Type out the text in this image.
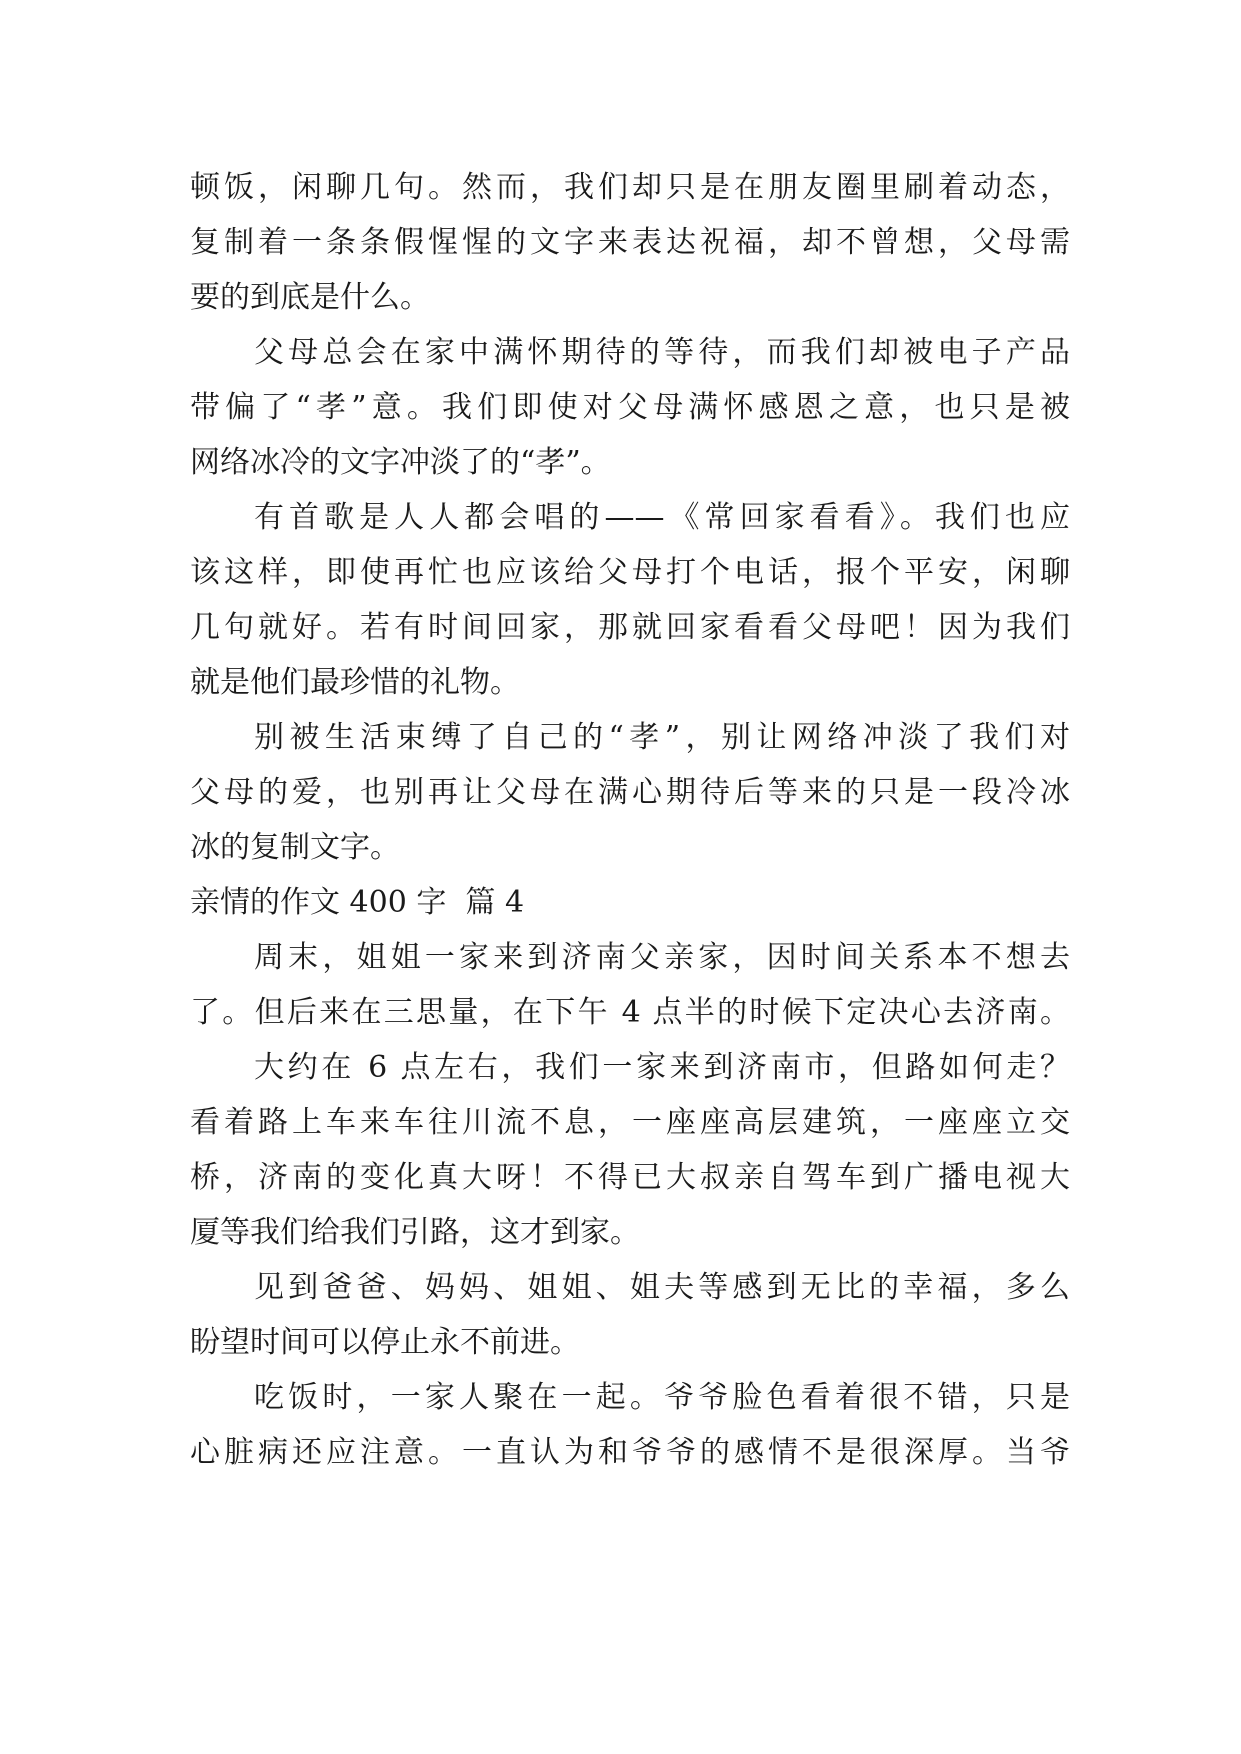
顿饭，闲聊几句。然而，我们却只是在朋友圈里刷着动态，
复制着一条条假惺惺的文字来表达祝福，却不曾想，父母需
要的到底是什么。
父母总会在家中满怀期待的等待，而我们却被电子产品
带偏了“孝”意。我们即使对父母满怀感恩之意，也只是被
网络冰冷的文字冲淡了的“孝”。
有首歌是人人都会唱的——《常回家看看》。我们也应
该这样，即使再忙也应该给父母打个电话，报个平安，闲聊
几句就好。若有时间回家，那就回家看看父母吧！因为我们
就是他们最珍惜的礼物。
别被生活束缚了自己的“孝”，别让网络冲淡了我们对
父母的爱，也别再让父母在满心期待后等来的只是一段冷冰
冰的复制文字。
亲情的作文 400 字  篇 4
周末，姐姐一家来到济南父亲家，因时间关系本不想去
了。但后来在三思量，在下午 4 点半的时候下定决心去济南。
大约在 6 点左右，我们一家来到济南市，但路如何走？
看着路上车来车往川流不息，一座座高层建筑，一座座立交
桥，济南的变化真大呀！不得已大叔亲自驾车到广播电视大
厦等我们给我们引路，这才到家。
见到爸爸、妈妈、姐姐、姐夫等感到无比的幸福，多么
盼望时间可以停止永不前进。
吃饭时，一家人聚在一起。爷爷脸色看着很不错，只是
心脏病还应注意。一直认为和爷爷的感情不是很深厚。当爷
